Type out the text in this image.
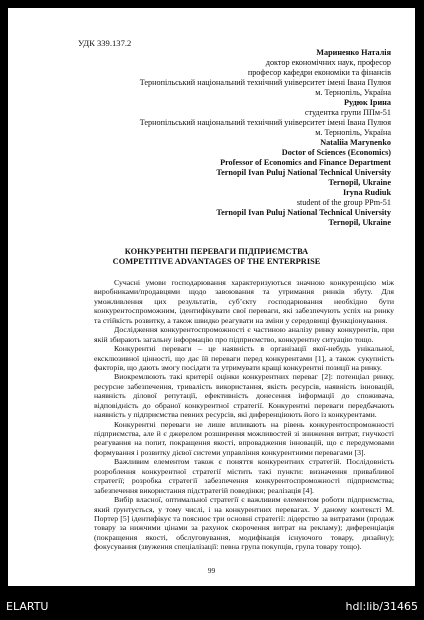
УДК 339.137.2
Мариненко Наталія
доктор економічних наук, професор
професор кафедри економіки та фінансів
Тернопільський національний технічний університет імені Івана Пулюя
м. Тернопіль, Україна
Рудюк Ірина
студентка групи ППм-51
Тернопільський національний технічний університет імені Івана Пулюя
м. Тернопіль, Україна
Nataliia Marynenko
Doctor of Sciences (Economics)
Professor of Economics and Finance Department
Ternopil Ivan Puluj National Technical University
Ternopil, Ukraine
Iryna Rudiuk
student of the group PPm-51
Ternopil Ivan Puluj National Technical University
Ternopil, Ukraine
КОНКУРЕНТНІ ПЕРЕВАГИ ПІДПРИЄМСТВА
COMPETITIVE ADVANTAGES OF THE ENTERPRISE

Сучасні умови господарювання характеризуються значною конкуренцією між виробниками/продавцями щодо завоювання та утримання ринків збуту. Для уможливлення цих результатів, суб’єкту господарювання необхідно бути конкурентоспроможним, ідентифікувати свої переваги, які забезпечують успіх на ринку та стійкість розвитку, а також швидко реагувати на зміни у середовищі функціонування.

Дослідження конкурентоспроможності є частиною аналізу ринку конкурентів, при якій збирають загальну інформацію про підприємство, конкурентну ситуацію тощо.

Конкурентні переваги – це наявність в організації якої-небудь унікальної, ексклюзивної цінності, що дає їй переваги перед конкурентами [1], а також сукупність факторів, що дають змогу посідати та утримувати кращі конкурентні позиції на ринку.

Виокремлюють такі критерії оцінки конкурентних переваг [2]: потенціал ринку, ресурсне забезпечення, тривалість використання, якість ресурсів, наявність інновацій, наявність ділової репутації, ефективність донесення інформації до споживача, відповідність до обраної конкурентної стратегії. Конкурентні переваги передбачають наявність у підприємства певних ресурсів, які диференціюють його із конкурентами.

Конкурентні переваги не лише впливають на рівень конкурентоспроможності підприємства, але й є джерелом розширення можливостей зі зниження витрат, гнучкості реагування на попит, покращення якості, впровадження інновацій, що є передумовами формування і розвитку дієвої системи управління конкурентними перевагами [3].

Важливим елементом також є поняття конкурентних стратегій. Послідовність розроблення конкурентної стратегії містить такі пункти: визначення привабливої стратегії; розробка стратегії забезпечення конкурентоспроможності підприємства; забезпечення використання підстратегій поведінки; реалізація [4].

Вибір власної, оптимальної стратегії є важливим елементом роботи підприємства, який ґрунтується, у тому числі, і на конкурентних перевагах. У даному контексті М. Портер [5] ідентифікує та пояснює три основні стратегії: лідерство за витратами (продаж товару за нижчими цінами за рахунок скорочення витрат на рекламу); диференціація (покращення якості, обслуговування, модифікація існуючого товару, дизайну); фокусування (звуження спеціалізації: певна група покупців, група товару тощо).

99
ELARTU	hdl:lib/31465
